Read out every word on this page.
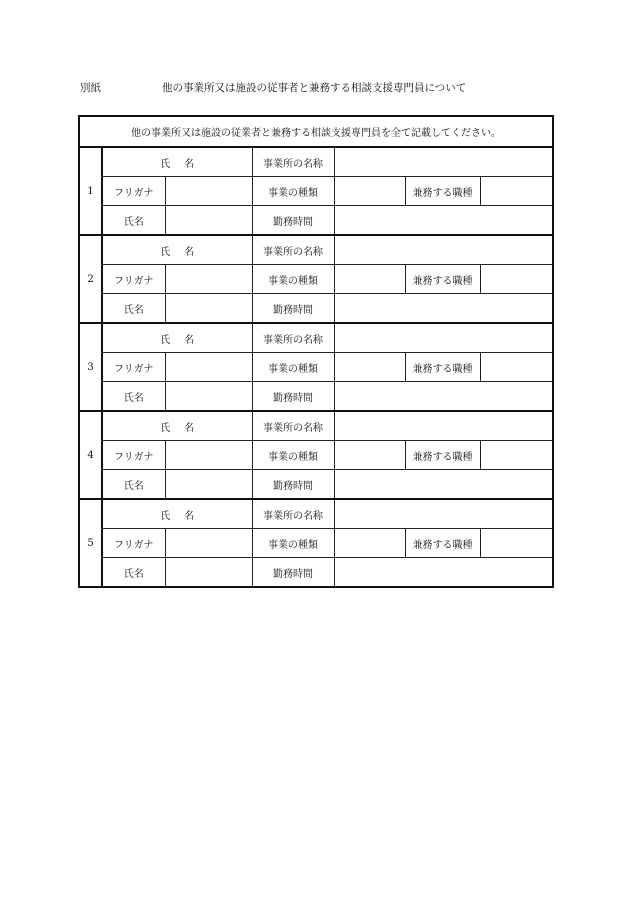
別紙	他の事業所又は施設の従事者と兼務する相談支援専門員について
他の事業所又は施設の従業者と兼務する相談支援専門員を全て記載してください。						
1	氏 名		事業所の名称			
	フリガナ		事業の種類		兼務する職種	
	氏名		勤務時間			
2	氏 名		事業所の名称			
	フリガナ		事業の種類		兼務する職種	
	氏名		勤務時間			
3	氏 名		事業所の名称			
	フリガナ		事業の種類		兼務する職種	
	氏名		勤務時間			
4	氏 名		事業所の名称			
	フリガナ		事業の種類		兼務する職種	
	氏名		勤務時間			
5	氏 名		事業所の名称			
	フリガナ		事業の種類		兼務する職種	
	氏名		勤務時間			
